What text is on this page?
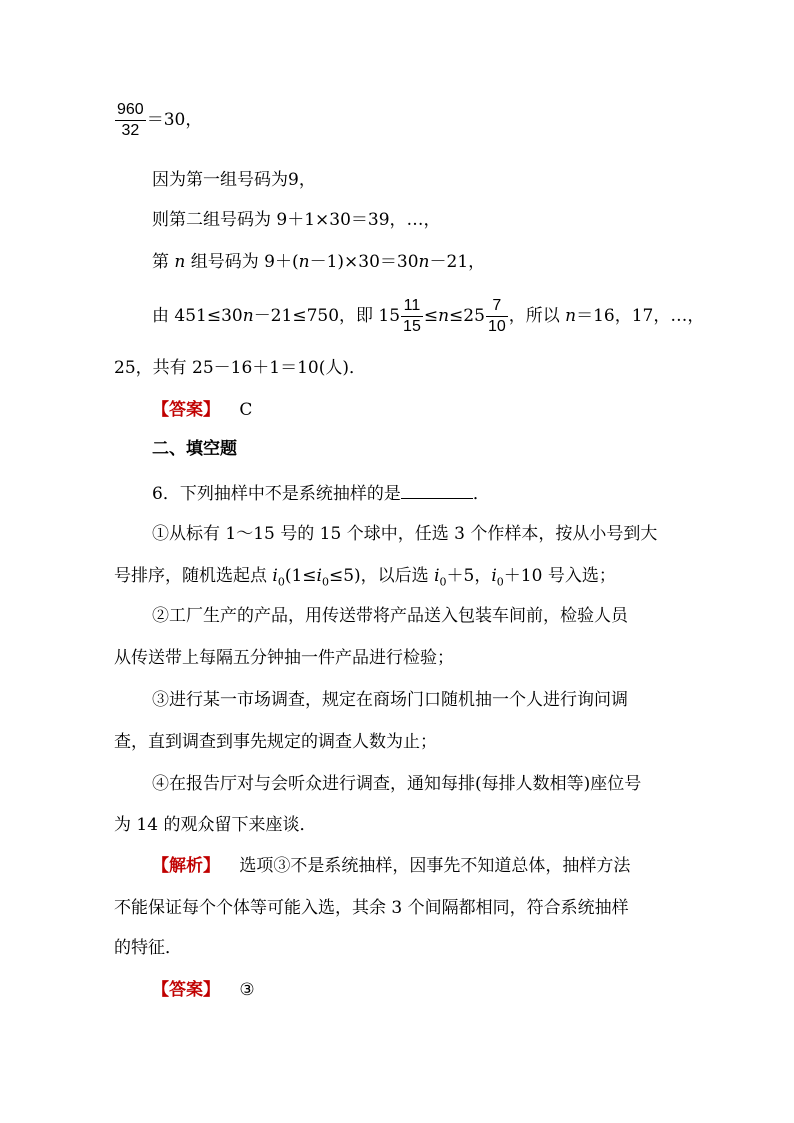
$\frac{960}{32} =30$，
因为第一组号码为9，
则第二组号码为 9＋1×30＝39，…，
第 n 组号码为 9＋(n－1)×30＝30n－21，
由 451≤30n－21≤750，即 $15 \frac{11}{15} \le n\le 25 \frac{7}{10}$ ，所以 n＝16，17，…，
25，共有 25－16＋1＝10(人)．
【答案】 C
二、填空题
6．下列抽样中不是系统抽样的是	．
①从标有 1～15 号的 15 个球中，任选 3 个作样本，按从小号到大
号排序，随机选起点 $i_0(1\le i_0\le 5)$，以后选 $i_0+5$，$i_0+10$ 号入选；
②工厂生产的产品，用传送带将产品送入包装车间前，检验人员
从传送带上每隔五分钟抽一件产品进行检验；
③进行某一市场调查，规定在商场门口随机抽一个人进行询问调
查，直到调查到事先规定的调查人数为止；
④在报告厅对与会听众进行调查，通知每排(每排人数相等)座位号
为 14 的观众留下来座谈．
【解析】 选项③不是系统抽样，因事先不知道总体，抽样方法
不能保证每个个体等可能入选，其余 3 个间隔都相同，符合系统抽样
的特征．
【答案】 ③
